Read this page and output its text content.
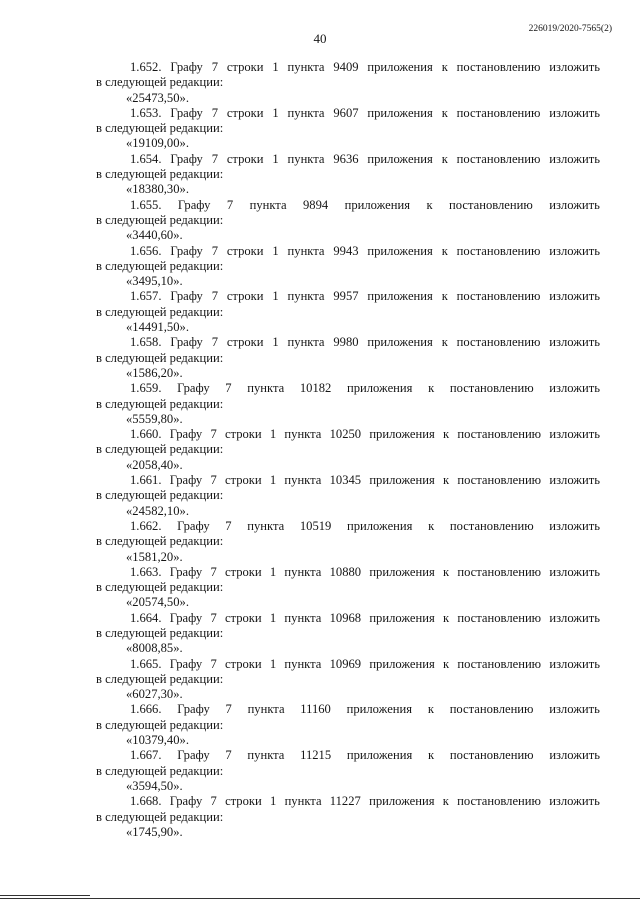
40
226019/2020-7565(2)
1.652. Графу 7 строки 1 пункта 9409 приложения к постановлению изложить
в следующей редакции:
«25473,50».
1.653. Графу 7 строки 1 пункта 9607 приложения к постановлению изложить
в следующей редакции:
«19109,00».
1.654. Графу 7 строки 1 пункта 9636 приложения к постановлению изложить
в следующей редакции:
«18380,30».
1.655. Графу 7 пункта 9894 приложения к постановлению изложить
в следующей редакции:
«3440,60».
1.656. Графу 7 строки 1 пункта 9943 приложения к постановлению изложить
в следующей редакции:
«3495,10».
1.657. Графу 7 строки 1 пункта 9957 приложения к постановлению изложить
в следующей редакции:
«14491,50».
1.658. Графу 7 строки 1 пункта 9980 приложения к постановлению изложить
в следующей редакции:
«1586,20».
1.659. Графу 7 пункта 10182 приложения к постановлению изложить
в следующей редакции:
«5559,80».
1.660. Графу 7 строки 1 пункта 10250 приложения к постановлению изложить
в следующей редакции:
«2058,40».
1.661. Графу 7 строки 1 пункта 10345 приложения к постановлению изложить
в следующей редакции:
«24582,10».
1.662. Графу 7 пункта 10519 приложения к постановлению изложить
в следующей редакции:
«1581,20».
1.663. Графу 7 строки 1 пункта 10880 приложения к постановлению изложить
в следующей редакции:
«20574,50».
1.664. Графу 7 строки 1 пункта 10968 приложения к постановлению изложить
в следующей редакции:
«8008,85».
1.665. Графу 7 строки 1 пункта 10969 приложения к постановлению изложить
в следующей редакции:
«6027,30».
1.666. Графу 7 пункта 11160 приложения к постановлению изложить
в следующей редакции:
«10379,40».
1.667. Графу 7 пункта 11215 приложения к постановлению изложить
в следующей редакции:
«3594,50».
1.668. Графу 7 строки 1 пункта 11227 приложения к постановлению изложить
в следующей редакции:
«1745,90».
